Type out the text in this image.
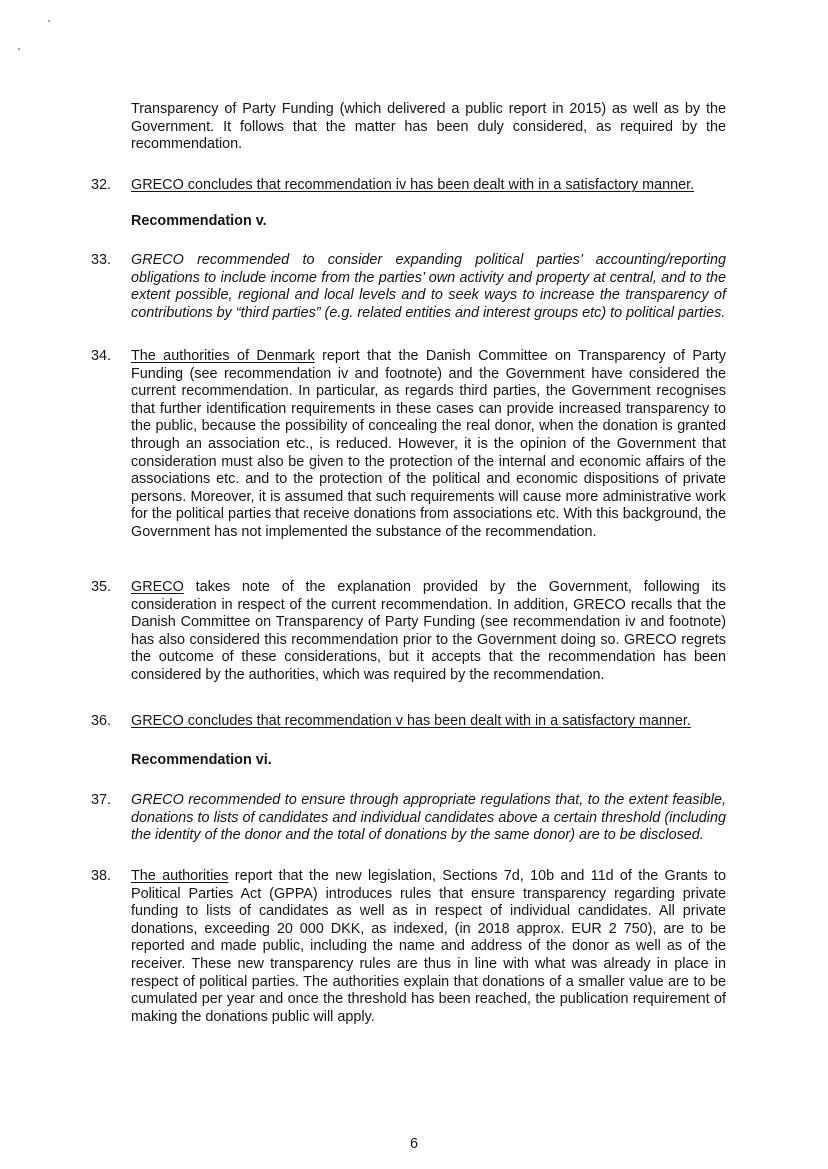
Transparency of Party Funding (which delivered a public report in 2015) as well as by the Government. It follows that the matter has been duly considered, as required by the recommendation.
32. GRECO concludes that recommendation iv has been dealt with in a satisfactory manner.
Recommendation v.
33. GRECO recommended to consider expanding political parties’ accounting/reporting obligations to include income from the parties’ own activity and property at central, and to the extent possible, regional and local levels and to seek ways to increase the transparency of contributions by “third parties” (e.g. related entities and interest groups etc) to political parties.
34. The authorities of Denmark report that the Danish Committee on Transparency of Party Funding (see recommendation iv and footnote) and the Government have considered the current recommendation. In particular, as regards third parties, the Government recognises that further identification requirements in these cases can provide increased transparency to the public, because the possibility of concealing the real donor, when the donation is granted through an association etc., is reduced. However, it is the opinion of the Government that consideration must also be given to the protection of the internal and economic affairs of the associations etc. and to the protection of the political and economic dispositions of private persons. Moreover, it is assumed that such requirements will cause more administrative work for the political parties that receive donations from associations etc. With this background, the Government has not implemented the substance of the recommendation.
35. GRECO takes note of the explanation provided by the Government, following its consideration in respect of the current recommendation. In addition, GRECO recalls that the Danish Committee on Transparency of Party Funding (see recommendation iv and footnote) has also considered this recommendation prior to the Government doing so. GRECO regrets the outcome of these considerations, but it accepts that the recommendation has been considered by the authorities, which was required by the recommendation.
36. GRECO concludes that recommendation v has been dealt with in a satisfactory manner.
Recommendation vi.
37. GRECO recommended to ensure through appropriate regulations that, to the extent feasible, donations to lists of candidates and individual candidates above a certain threshold (including the identity of the donor and the total of donations by the same donor) are to be disclosed.
38. The authorities report that the new legislation, Sections 7d, 10b and 11d of the Grants to Political Parties Act (GPPA) introduces rules that ensure transparency regarding private funding to lists of candidates as well as in respect of individual candidates. All private donations, exceeding 20 000 DKK, as indexed, (in 2018 approx. EUR 2 750), are to be reported and made public, including the name and address of the donor as well as of the receiver. These new transparency rules are thus in line with what was already in place in respect of political parties. The authorities explain that donations of a smaller value are to be cumulated per year and once the threshold has been reached, the publication requirement of making the donations public will apply.
6
